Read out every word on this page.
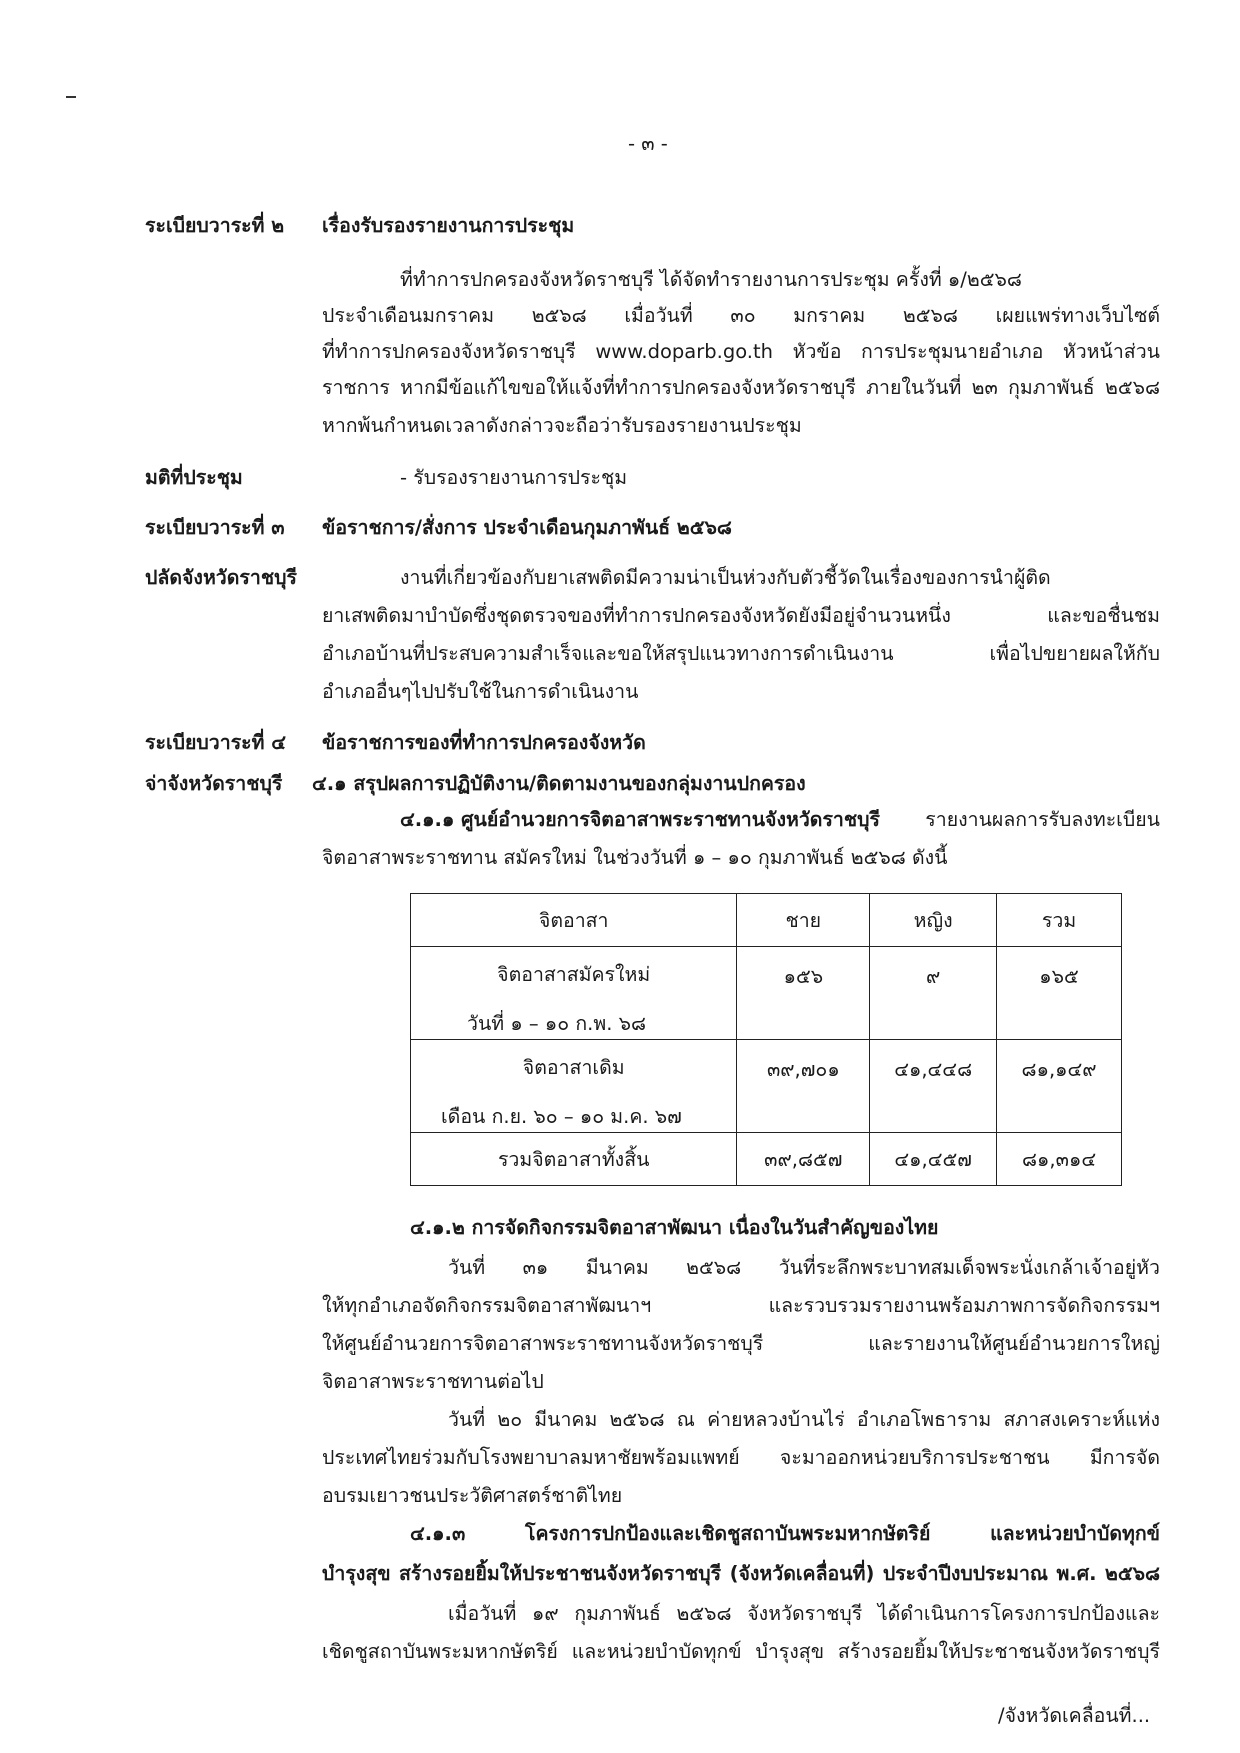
- ๓ -
ระเบียบวาระที่ ๒ เรื่องรับรองรายงานการประชุม
ที่ทำการปกครองจังหวัดราชบุรี ได้จัดทำรายงานการประชุม ครั้งที่ ๑/๒๕๖๘
ประจำเดือนมกราคม ๒๕๖๘ เมื่อวันที่ ๓๐ มกราคม ๒๕๖๘ เผยแพร่ทางเว็บไซต์
ที่ทำการปกครองจังหวัดราชบุรี www.doparb.go.th หัวข้อ การประชุมนายอำเภอ หัวหน้าส่วน
ราชการ หากมีข้อแก้ไขขอให้แจ้งที่ทำการปกครองจังหวัดราชบุรี ภายในวันที่ ๒๓ กุมภาพันธ์ ๒๕๖๘
หากพ้นกำหนดเวลาดังกล่าวจะถือว่ารับรองรายงานประชุม
มติที่ประชุม	- รับรองรายงานการประชุม
ระเบียบวาระที่ ๓ ข้อราชการ/สั่งการ ประจำเดือนกุมภาพันธ์ ๒๕๖๘
ปลัดจังหวัดราชบุรี	งานที่เกี่ยวข้องกับยาเสพติดมีความน่าเป็นห่วงกับตัวชี้วัดในเรื่องของการนำผู้ติด
ยาเสพติดมาบำบัดซึ่งชุดตรวจของที่ทำการปกครองจังหวัดยังมีอยู่จำนวนหนึ่ง และขอชื่นชม
อำเภอบ้านที่ประสบความสำเร็จและขอให้สรุปแนวทางการดำเนินงาน เพื่อไปขยายผลให้กับ
อำเภออื่นๆไปปรับใช้ในการดำเนินงาน
ระเบียบวาระที่ ๔ ข้อราชการของที่ทำการปกครองจังหวัด
จ่าจังหวัดราชบุรี ๔.๑ สรุปผลการปฏิบัติงาน/ติดตามงานของกลุ่มงานปกครอง
๔.๑.๑ ศูนย์อำนวยการจิตอาสาพระราชทานจังหวัดราชบุรี รายงานผลการรับลงทะเบียน
จิตอาสาพระราชทาน สมัครใหม่ ในช่วงวันที่ ๑ – ๑๐ กุมภาพันธ์ ๒๕๖๘ ดังนี้
จิตอาสา	ชาย	หญิง	รวม

จิตอาสาสมัครใหม่
วันที่ ๑ – ๑๐ ก.พ. ๖๘	๑๕๖	๙	๑๖๕

จิตอาสาเดิม
เดือน ก.ย. ๖๐ – ๑๐ ม.ค. ๖๗	๓๙,๗๐๑	๔๑,๔๔๘	๘๑,๑๔๙

รวมจิตอาสาทั้งสิ้น	๓๙,๘๕๗	๔๑,๔๕๗	๘๑,๓๑๔
๔.๑.๒ การจัดกิจกรรมจิตอาสาพัฒนา เนื่องในวันสำคัญของไทย
วันที่ ๓๑ มีนาคม ๒๕๖๘ วันที่ระลึกพระบาทสมเด็จพระนั่งเกล้าเจ้าอยู่หัว
ให้ทุกอำเภอจัดกิจกรรมจิตอาสาพัฒนาฯ และรวบรวมรายงานพร้อมภาพการจัดกิจกรรมฯ
ให้ศูนย์อำนวยการจิตอาสาพระราชทานจังหวัดราชบุรี และรายงานให้ศูนย์อำนวยการใหญ่
จิตอาสาพระราชทานต่อไป
วันที่ ๒๐ มีนาคม ๒๕๖๘ ณ ค่ายหลวงบ้านไร่ อำเภอโพธาราม สภาสงเคราะห์แห่ง
ประเทศไทยร่วมกับโรงพยาบาลมหาชัยพร้อมแพทย์ จะมาออกหน่วยบริการประชาชน มีการจัด
อบรมเยาวชนประวัติศาสตร์ชาติไทย
๔.๑.๓ โครงการปกป้องและเชิดชูสถาบันพระมหากษัตริย์ และหน่วยบำบัดทุกข์
บำรุงสุข สร้างรอยยิ้มให้ประชาชนจังหวัดราชบุรี (จังหวัดเคลื่อนที่) ประจำปีงบประมาณ พ.ศ. ๒๕๖๘
เมื่อวันที่ ๑๙ กุมภาพันธ์ ๒๕๖๘ จังหวัดราชบุรี ได้ดำเนินการโครงการปกป้องและ
เชิดชูสถาบันพระมหากษัตริย์ และหน่วยบำบัดทุกข์ บำรุงสุข สร้างรอยยิ้มให้ประชาชนจังหวัดราชบุรี
/จังหวัดเคลื่อนที่...
